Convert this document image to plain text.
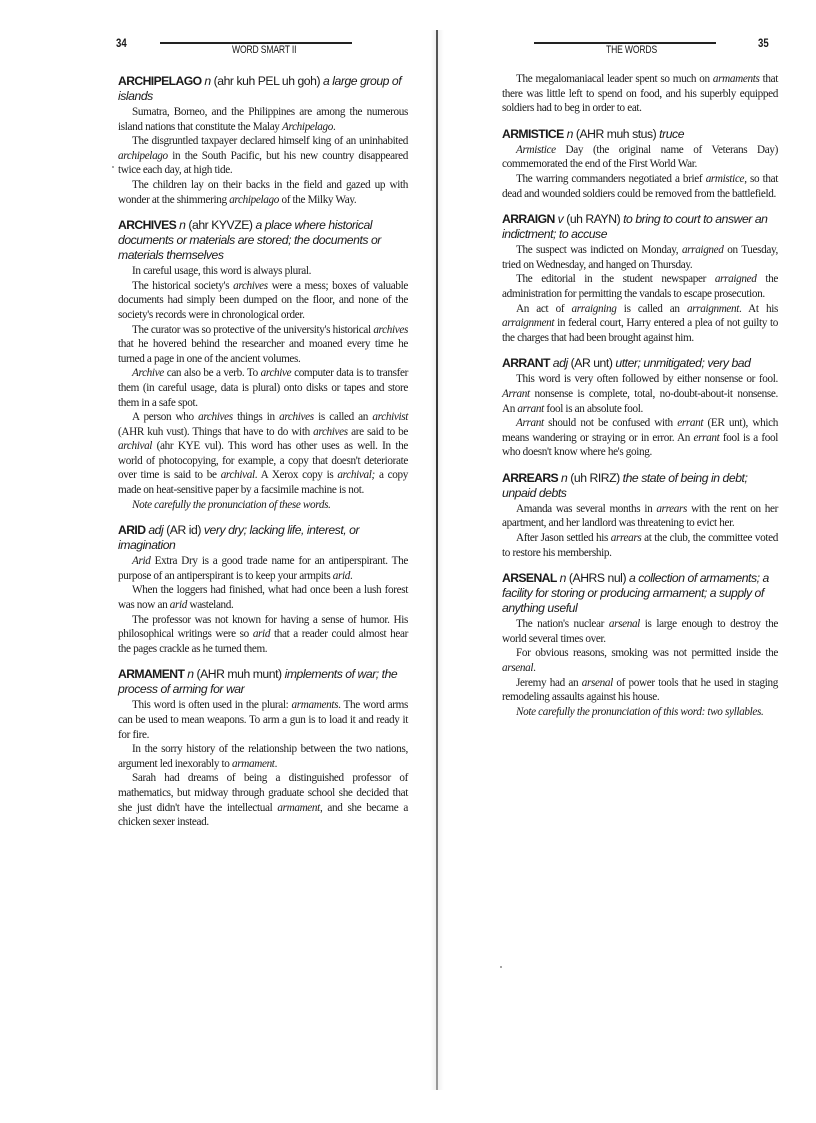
34	WORD SMART II	THE WORDS	35
ARCHIPELAGO n (ahr kuh PEL uh goh) a large group of islands

Sumatra, Borneo, and the Philippines are among the numerous island nations that constitute the Malay Archipelago.

The disgruntled taxpayer declared himself king of an uninhabited archipelago in the South Pacific, but his new country disappeared twice each day, at high tide.

The children lay on their backs in the field and gazed up with wonder at the shimmering archipelago of the Milky Way.

ARCHIVES n (ahr KYVZE) a place where historical documents or materials are stored; the documents or materials themselves

In careful usage, this word is always plural.

The historical society's archives were a mess; boxes of valuable documents had simply been dumped on the floor, and none of the society's records were in chronological order.

The curator was so protective of the university's historical archives that he hovered behind the researcher and moaned every time he turned a page in one of the ancient volumes.

Archive can also be a verb. To archive computer data is to transfer them (in careful usage, data is plural) onto disks or tapes and store them in a safe spot.

A person who archives things in archives is called an archivist (AHR kuh vust). Things that have to do with archives are said to be archival (ahr KYE vul). This word has other uses as well. In the world of photocopying, for example, a copy that doesn't deteriorate over time is said to be archival. A Xerox copy is archival; a copy made on heat-sensitive paper by a facsimile machine is not.

Note carefully the pronunciation of these words.

ARID adj (AR id) very dry; lacking life, interest, or imagination

Arid Extra Dry is a good trade name for an antiperspirant. The purpose of an antiperspirant is to keep your armpits arid.

When the loggers had finished, what had once been a lush forest was now an arid wasteland.

The professor was not known for having a sense of humor. His philosophical writings were so arid that a reader could almost hear the pages crackle as he turned them.

ARMAMENT n (AHR muh munt) implements of war; the process of arming for war

This word is often used in the plural: armaments. The word arms can be used to mean weapons. To arm a gun is to load it and ready it for fire.

In the sorry history of the relationship between the two nations, argument led inexorably to armament.

Sarah had dreams of being a distinguished professor of mathematics, but midway through graduate school she decided that she just didn't have the intellectual armament, and she became a chicken sexer instead.

The megalomaniacal leader spent so much on armaments that there was little left to spend on food, and his superbly equipped soldiers had to beg in order to eat.

ARMISTICE n (AHR muh stus) truce

Armistice Day (the original name of Veterans Day) commemorated the end of the First World War.

The warring commanders negotiated a brief armistice, so that dead and wounded soldiers could be removed from the battlefield.

ARRAIGN v (uh RAYN) to bring to court to answer an indictment; to accuse

The suspect was indicted on Monday, arraigned on Tuesday, tried on Wednesday, and hanged on Thursday.

The editorial in the student newspaper arraigned the administration for permitting the vandals to escape prosecution.

An act of arraigning is called an arraignment. At his arraignment in federal court, Harry entered a plea of not guilty to the charges that had been brought against him.

ARRANT adj (AR unt) utter; unmitigated; very bad

This word is very often followed by either nonsense or fool. Arrant nonsense is complete, total, no-doubt-about-it nonsense. An arrant fool is an absolute fool.

Arrant should not be confused with errant (ER unt), which means wandering or straying or in error. An errant fool is a fool who doesn't know where he's going.

ARREARS n (uh RIRZ) the state of being in debt; unpaid debts

Amanda was several months in arrears with the rent on her apartment, and her landlord was threatening to evict her.

After Jason settled his arrears at the club, the committee voted to restore his membership.

ARSENAL n (AHRS nul) a collection of armaments; a facility for storing or producing armament; a supply of anything useful

The nation's nuclear arsenal is large enough to destroy the world several times over.

For obvious reasons, smoking was not permitted inside the arsenal.

Jeremy had an arsenal of power tools that he used in staging remodeling assaults against his house.

Note carefully the pronunciation of this word: two syllables.
